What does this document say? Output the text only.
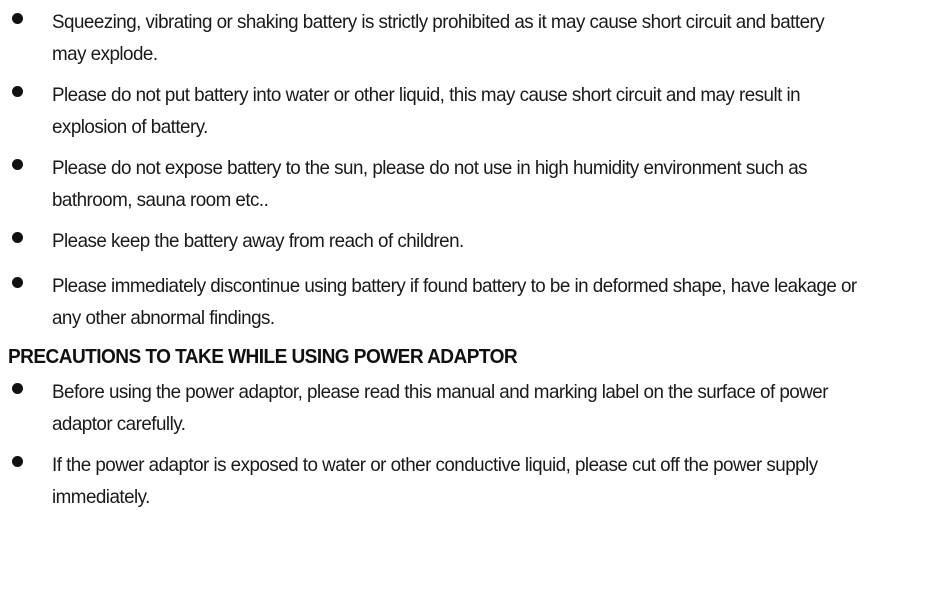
Squeezing, vibrating or shaking battery is strictly prohibited as it may cause short circuit and battery
may explode.
Please do not put battery into water or other liquid, this may cause short circuit and may result in
explosion of battery.
Please do not expose battery to the sun, please do not use in high humidity environment such as
bathroom, sauna room etc..
Please keep the battery away from reach of children.
Please immediately discontinue using battery if found battery to be in deformed shape, have leakage or
any other abnormal findings.
PRECAUTIONS TO TAKE WHILE USING POWER ADAPTOR
Before using the power adaptor, please read this manual and marking label on the surface of power
adaptor carefully.
If the power adaptor is exposed to water or other conductive liquid, please cut off the power supply
immediately.
